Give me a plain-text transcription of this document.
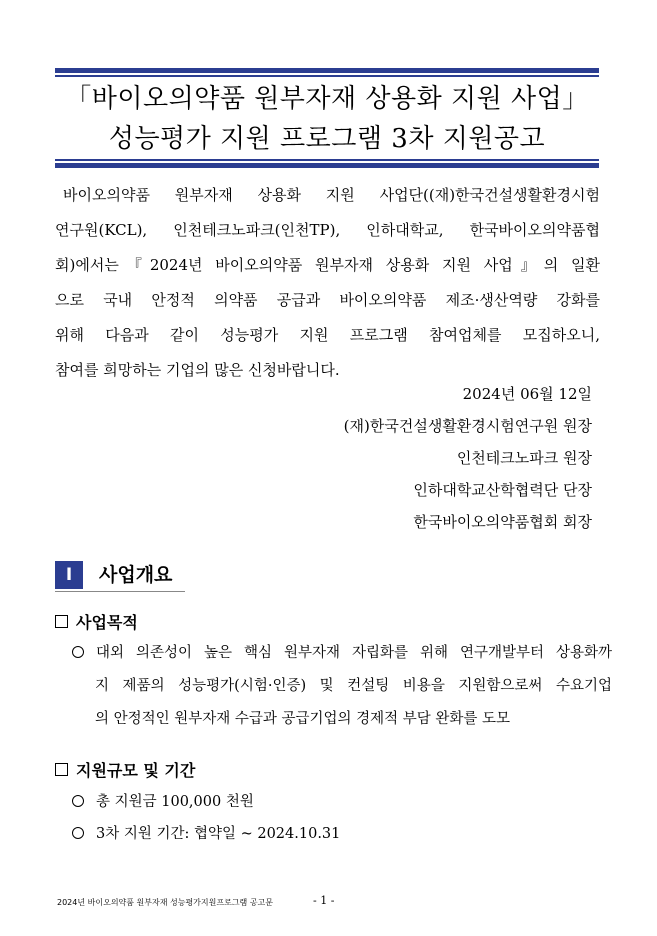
「바이오의약품 원부자재 상용화 지원 사업」
성능평가 지원 프로그램 3차 지원공고
바이오의약품 원부자재 상용화 지원 사업단((재)한국건설생활환경시험
연구원(KCL), 인천테크노파크(인천TP), 인하대학교, 한국바이오의약품협
회)에서는『2024년 바이오의약품 원부자재 상용화 지원 사업』의 일환
으로 국내 안정적 의약품 공급과 바이오의약품 제조·생산역량 강화를
위해 다음과 같이 성능평가 지원 프로그램 참여업체를 모집하오니,
참여를 희망하는 기업의 많은 신청바랍니다.
2024년 06월 12일
(재)한국건설생활환경시험연구원 원장
인천테크노파크 원장
인하대학교산학협력단 단장
한국바이오의약품협회 회장
Ⅰ	사업개요
사업목적
대외 의존성이 높은 핵심 원부자재 자립화를 위해 연구개발부터 상용화까
지 제품의 성능평가(시험·인증) 및 컨설팅 비용을 지원함으로써 수요기업
의 안정적인 원부자재 수급과 공급기업의 경제적 부담 완화를 도모
지원규모 및 기간
총 지원금 100,000 천원
3차 지원 기간: 협약일 ~ 2024.10.31
2024년 바이오의약품 원부자재 성능평가지원프로그램 공고문	- 1 -
